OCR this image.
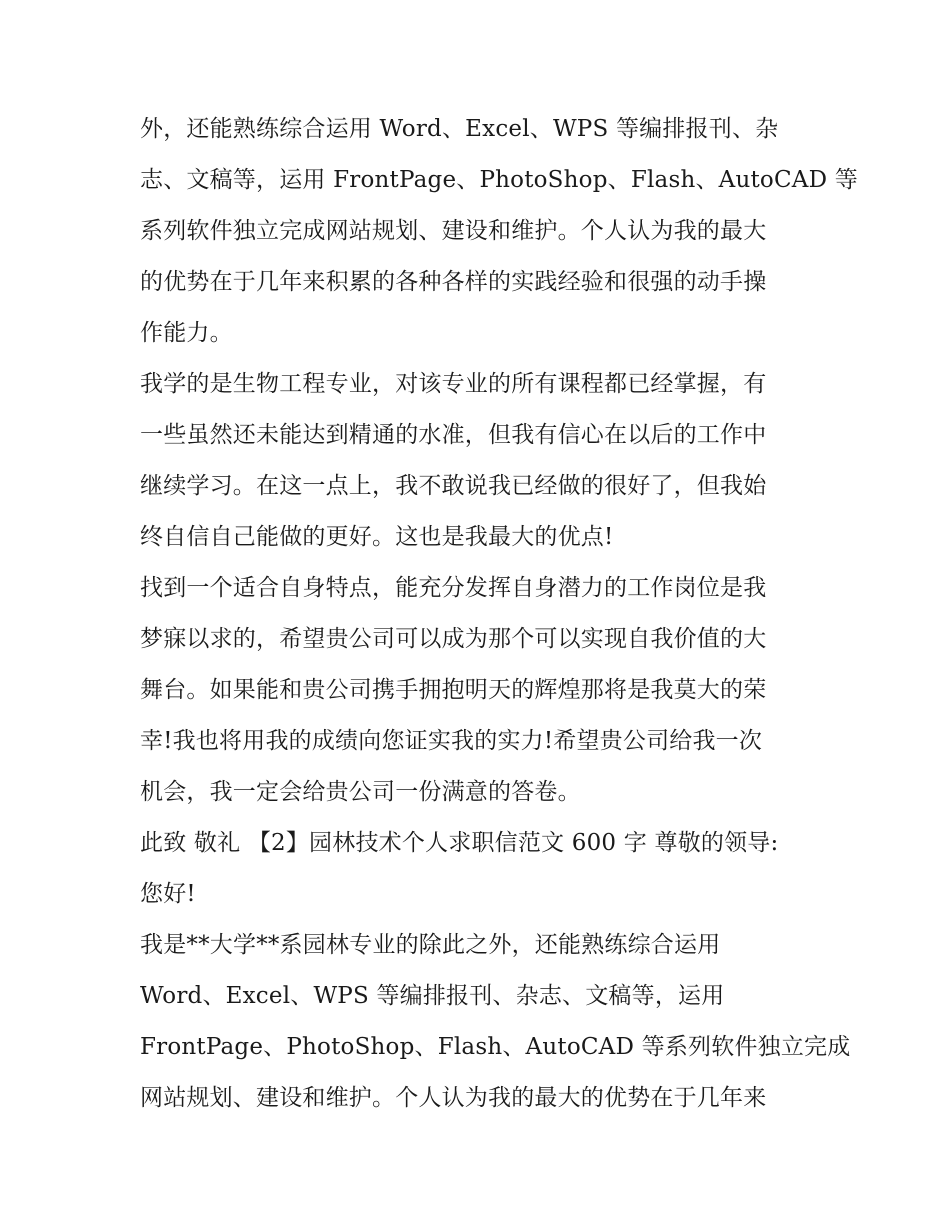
外，还能熟练综合运用 Word、Excel、WPS 等编排报刊、杂
志、文稿等，运用 FrontPage、PhotoShop、Flash、AutoCAD 等
系列软件独立完成网站规划、建设和维护。个人认为我的最大
的优势在于几年来积累的各种各样的实践经验和很强的动手操
作能力。
我学的是生物工程专业，对该专业的所有课程都已经掌握，有
一些虽然还未能达到精通的水准，但我有信心在以后的工作中
继续学习。在这一点上，我不敢说我已经做的很好了，但我始
终自信自己能做的更好。这也是我最大的优点!
找到一个适合自身特点，能充分发挥自身潜力的工作岗位是我
梦寐以求的，希望贵公司可以成为那个可以实现自我价值的大
舞台。如果能和贵公司携手拥抱明天的辉煌那将是我莫大的荣
幸!我也将用我的成绩向您证实我的实力!希望贵公司给我一次
机会，我一定会给贵公司一份满意的答卷。
此致 敬礼 【2】园林技术个人求职信范文 600 字 尊敬的领导:
您好!
我是**大学**系园林专业的除此之外，还能熟练综合运用
Word、Excel、WPS 等编排报刊、杂志、文稿等，运用
FrontPage、PhotoShop、Flash、AutoCAD 等系列软件独立完成
网站规划、建设和维护。个人认为我的最大的优势在于几年来
